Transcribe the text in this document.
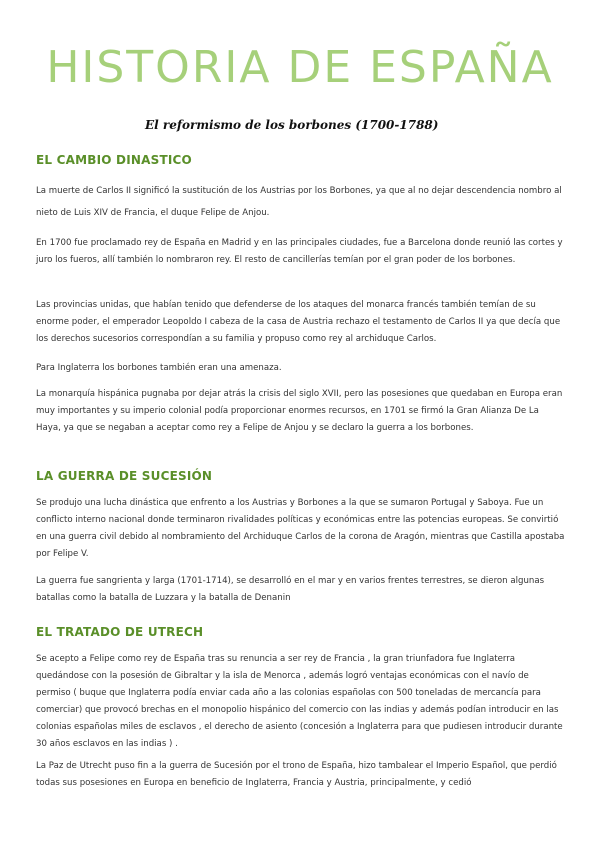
HISTORIA DE ESPAÑA
El reformismo de los borbones (1700-1788)
EL CAMBIO DINASTICO

La muerte de Carlos II significó la sustitución de los Austrias por los Borbones, ya que al no dejar descendencia nombro al nieto de Luis XIV de Francia, el duque Felipe de Anjou.

En 1700 fue proclamado rey de España en Madrid y en las principales ciudades, fue a Barcelona donde reunió las cortes y juro los fueros, allí también lo nombraron rey. El resto de cancillerías temían por el gran poder de los borbones.

Las provincias unidas, que habían tenido que defenderse de los ataques del monarca francés también temían de su enorme poder, el emperador Leopoldo I cabeza de la casa de Austria rechazo el testamento de Carlos II ya que decía que los derechos sucesorios correspondían a su familia y propuso como rey al archiduque Carlos.

Para Inglaterra los borbones también eran una amenaza.

La monarquía hispánica pugnaba por dejar atrás la crisis del siglo XVII, pero las posesiones que quedaban en Europa eran muy importantes y su imperio colonial podía proporcionar enormes recursos, en 1701 se firmó la Gran Alianza De La Haya, ya que se negaban a aceptar como rey a Felipe de Anjou y se declaro la guerra a los borbones.

LA GUERRA DE SUCESIÓN

Se produjo una lucha dinástica que enfrento a los Austrias y Borbones a la que se sumaron Portugal y Saboya. Fue un conflicto interno nacional donde terminaron rivalidades políticas y económicas entre las potencias europeas. Se convirtió en una guerra civil debido al nombramiento del Archiduque Carlos de la corona de Aragón, mientras que Castilla apostaba por Felipe V.

La guerra fue sangrienta y larga (1701-1714), se desarrolló en el mar y en varios frentes terrestres, se dieron algunas batallas como la batalla de Luzzara y la batalla de Denanin

EL TRATADO DE UTRECH

Se acepto a Felipe como rey de España tras su renuncia a ser rey de Francia , la gran triunfadora fue Inglaterra quedándose con la posesión de Gibraltar y la isla de Menorca , además logró ventajas económicas con el navío de permiso ( buque que Inglaterra podía enviar cada año a las colonias españolas con 500 toneladas de mercancía para comerciar) que provocó brechas en el monopolio hispánico del comercio con las indias y además podían introducir en las colonias españolas miles de esclavos , el derecho de asiento (concesión a Inglaterra para que pudiesen introducir durante 30 años esclavos en las indias ) .

La Paz de Utrecht puso fin a la guerra de Sucesión por el trono de España, hizo tambalear el Imperio Español, que perdió todas sus posesiones en Europa en beneficio de Inglaterra, Francia y Austria, principalmente, y cedió
